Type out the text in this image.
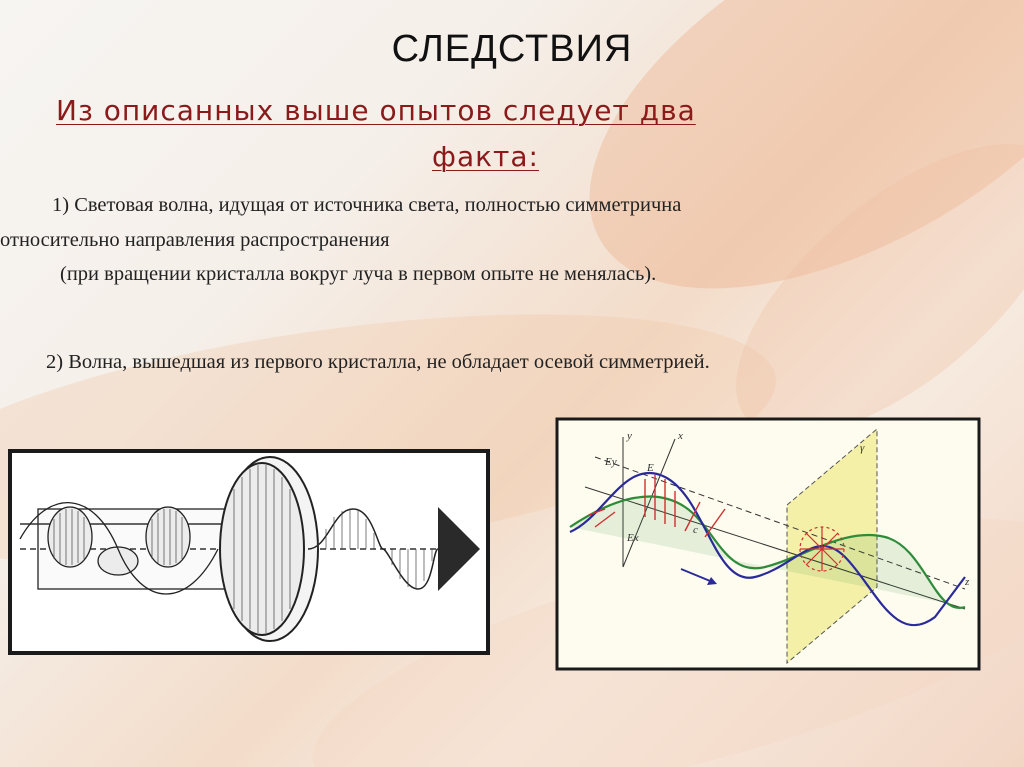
СЛЕДСТВИЯ
Из описанных выше опытов следует два
факта:
1) Световая волна, идущая от источника света, полностью симметрична
относительно направления распространения
(при вращении кристалла вокруг луча в первом опыте не менялась).
2) Волна, вышедшая из первого кристалла, не обладает осевой симметрией.
y	x
z
Ey
Ex
c
E
γ
